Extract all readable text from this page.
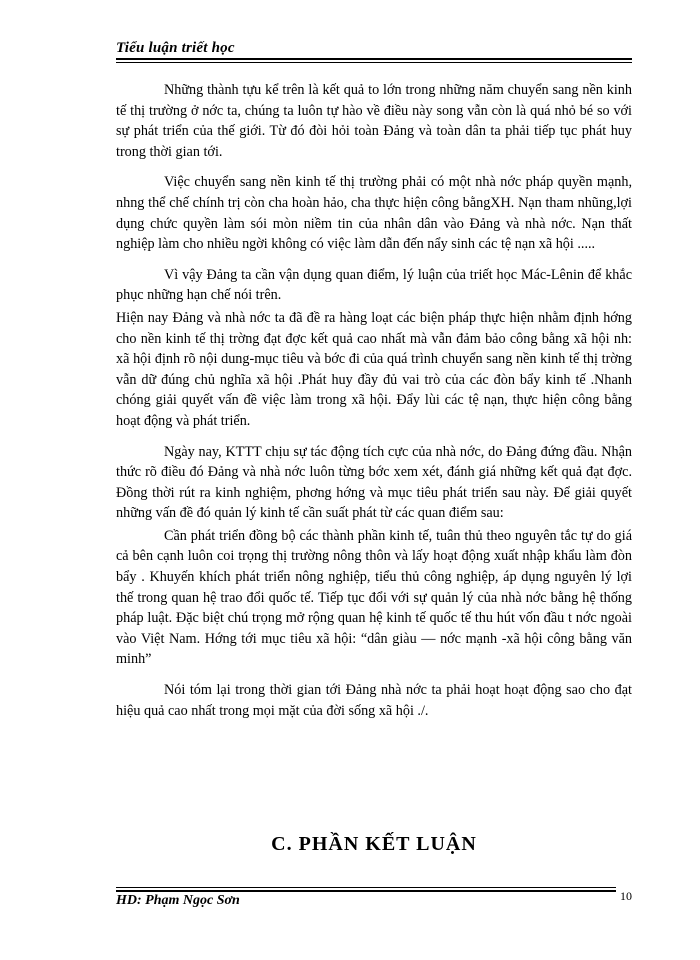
Tiểu luận triết học

Những thành tựu kể trên là kết quả to lớn trong những năm chuyển sang nền kinh tế thị trường ở nớc ta, chúng ta luôn tự hào về điều này song vẫn còn là quá nhỏ bé so với sự phát triển của thế giới. Từ đó đòi hỏi toàn Đảng và toàn dân ta phải tiếp tục phát huy trong thời gian tới.

Việc chuyển sang nền kinh tế thị trường phải có một nhà nớc pháp quyền mạnh, nhng thể chế chính trị còn cha hoàn hảo, cha thực hiện công bằngXH. Nạn tham nhũng,lợi dụng chức quyền làm sói mòn niềm tin của nhân dân vào Đảng và nhà nớc. Nạn thất nghiệp làm cho nhiều ngời không có việc làm dẫn đến nẩy sinh các tệ nạn xã hội .....

Vì vậy Đảng ta cần vận dụng quan điểm, lý luận của triết học Mác-Lênin để khắc phục những hạn chế nói trên.

Hiện nay Đảng và nhà nớc ta đã đề ra hàng loạt các biện pháp thực hiện nhằm định hớng cho nền kinh tế thị trờng đạt đợc kết quả cao nhất mà vẫn đảm bảo công bằng xã hội nh: xã hội định rõ nội dung-mục tiêu và bớc đi của quá trình chuyển sang nền kinh tế thị trờng vẫn dữ đúng chủ nghĩa xã hội .Phát huy đầy đủ vai trò của các đòn bẩy kinh tế .Nhanh chóng giải quyết vấn đề việc làm trong xã hội. Đẩy lùi các tệ nạn, thực hiện công bằng hoạt động và phát triển.

Ngày nay, KTTT chịu sự tác động tích cực của nhà nớc, do Đảng đứng đầu. Nhận thức rõ điều đó Đảng và nhà nớc luôn từng bớc xem xét, đánh giá những kết quả đạt đợc. Đồng thời rút ra kinh nghiệm, phơng hớng và mục tiêu phát triển sau này. Để giải quyết những vấn đề đó quản lý kinh tế cần suất phát từ các quan điểm sau:

Cần phát triển đồng bộ các thành phần kinh tế, tuân thủ theo nguyên tắc tự do giá cả bên cạnh luôn coi trọng thị trường nông thôn và lấy hoạt động xuất nhập khẩu làm đòn bẩy . Khuyến khích phát triển nông nghiệp, tiểu thủ công nghiệp, áp dụng nguyên lý lợi thế trong quan hệ trao đổi quốc tế. Tiếp tục đổi với sự quản lý của nhà nớc bằng hệ thống pháp luật. Đặc biệt chú trọng mở rộng quan hệ kinh tế quốc tế thu hút vốn đầu t nớc ngoài vào Việt Nam. Hớng tới mục tiêu xã hội: “dân giàu — nớc mạnh -xã hội công bằng văn minh”

Nói tóm lại trong thời gian tới Đảng nhà nớc ta phải hoạt hoạt động sao cho đạt hiệu quả cao nhất trong mọi mặt của đời sống xã hội ./.

C. PHẦN KẾT LUẬN
HD: Phạm Ngọc Sơn	10
